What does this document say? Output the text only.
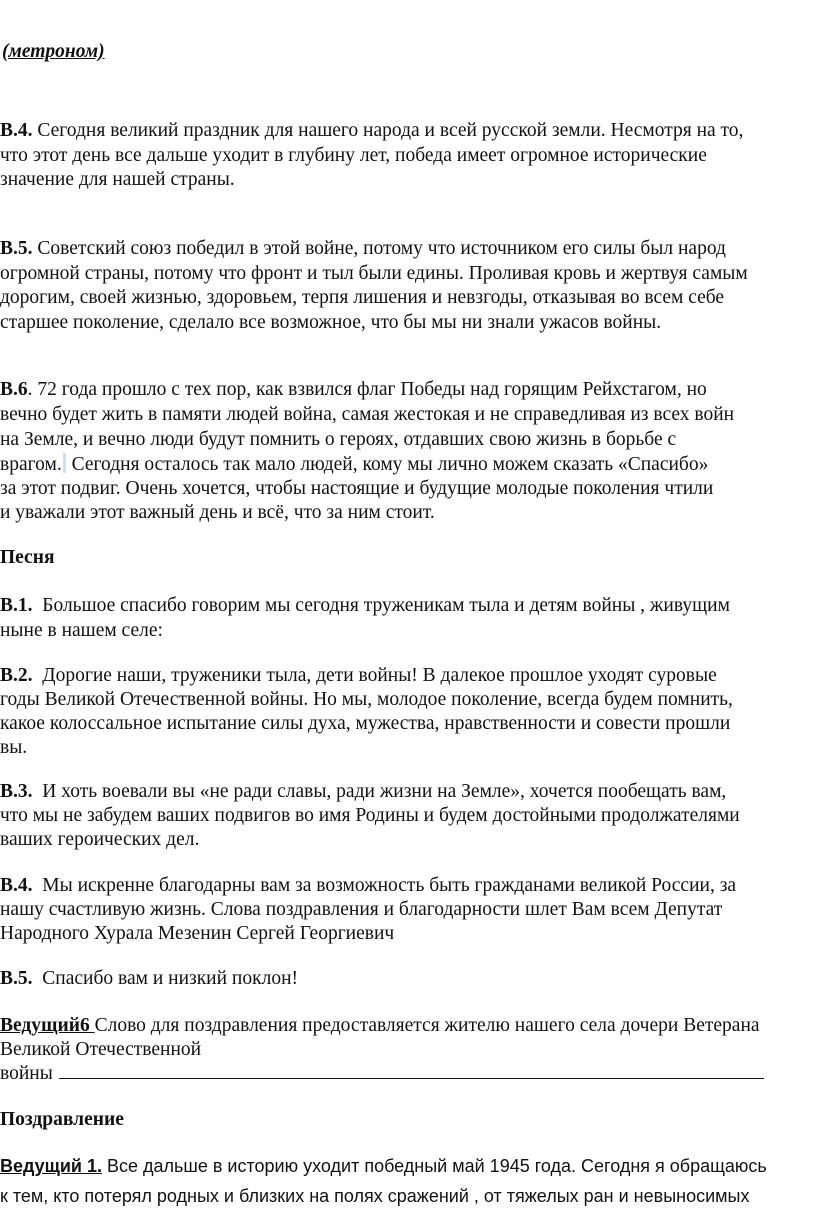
(метроном)
В.4. Сегодня великий праздник для нашего народа и всей русской земли. Несмотря на то,
что этот день все дальше уходит в глубину лет, победа имеет огромное исторические
значение для нашей страны.
В.5. Советский союз победил в этой войне, потому что источником его силы был народ
огромной страны, потому что фронт и тыл были едины. Проливая кровь и жертвуя самым
дорогим, своей жизнью, здоровьем, терпя лишения и невзгоды, отказывая во всем себе
старшее поколение, сделало все возможное, что бы мы ни знали ужасов войны.
В.6. 72 года прошло с тех пор, как взвился флаг Победы над горящим Рейхстагом, но
вечно будет жить в памяти людей война, самая жестокая и не справедливая из всех войн
на Земле, и вечно люди будут помнить о героях, отдавших свою жизнь в борьбе с
врагом. Сегодня осталось так мало людей, кому мы лично можем сказать «Спасибо»
за этот подвиг. Очень хочется, чтобы настоящие и будущие молодые поколения чтили
и уважали этот важный день и всё, что за ним стоит.
Песня
В.1.  Большое спасибо говорим мы сегодня труженикам тыла и детям войны , живущим
ныне в нашем селе:
В.2.  Дорогие наши, труженики тыла, дети войны! В далекое прошлое уходят суровые
годы Великой Отечественной войны. Но мы, молодое поколение, всегда будем помнить,
какое колоссальное испытание силы духа, мужества, нравственности и совести прошли
вы.
В.3.  И хоть воевали вы «не ради славы, ради жизни на Земле», хочется пообещать вам,
что мы не забудем ваших подвигов во имя Родины и будем достойными продолжателями
ваших героических дел.
В.4.  Мы искренне благодарны вам за возможность быть гражданами великой России, за
нашу счастливую жизнь. Слова поздравления и благодарности шлет Вам всем Депутат
Народного Хурала Мезенин Сергей Георгиевич
В.5.  Спасибо вам и низкий поклон!
Ведущий6 Слово для поздравления предоставляется жителю нашего села дочери Ветерана
Великой Отечественной
войны
Поздравление
Ведущий 1. Все дальше в историю уходит победный май 1945 года. Сегодня я обращаюсь
к тем, кто потерял родных и близких на полях сражений , от тяжелых ран и невыносимых
